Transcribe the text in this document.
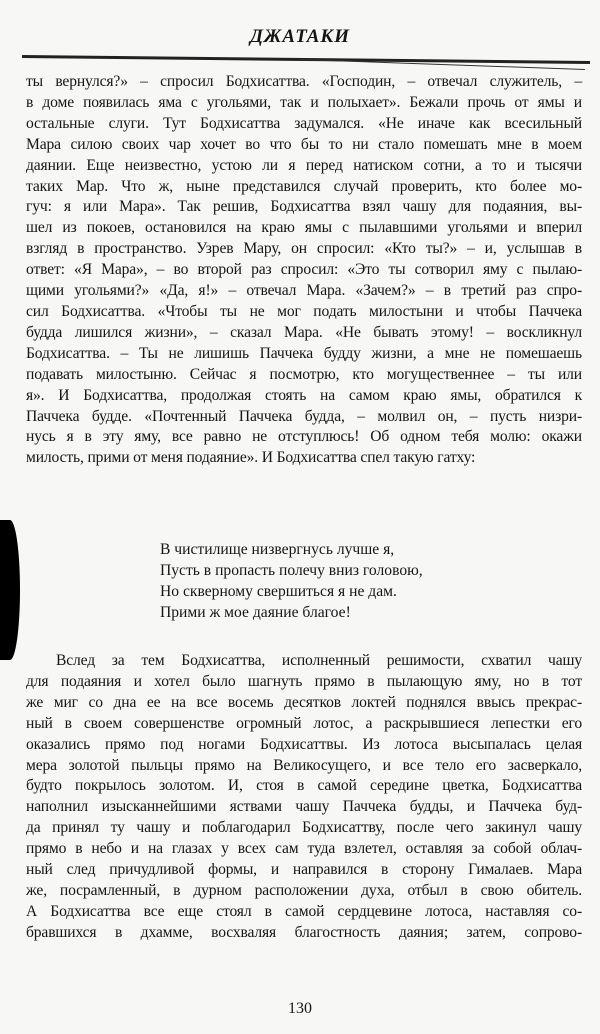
ДЖАТАКИ
ты вернулся?» – спросил Бодхисаттва. «Господин, – отвечал служитель, –
в доме появилась яма с угольями, так и полыхает». Бежали прочь от ямы и
остальные слуги. Тут Бодхисаттва задумался. «Не иначе как всесильный
Мара силою своих чар хочет во что бы то ни стало помешать мне в моем
даянии. Еще неизвестно, устою ли я перед натиском сотни, а то и тысячи
таких Мар. Что ж, ныне представился случай проверить, кто более мо-
гуч: я или Мара». Так решив, Бодхисаттва взял чашу для подаяния, вы-
шел из покоев, остановился на краю ямы с пылавшими угольями и вперил
взгляд в пространство. Узрев Мару, он спросил: «Кто ты?» – и, услышав в
ответ: «Я Мара», – во второй раз спросил: «Это ты сотворил яму с пылаю-
щими угольями?» «Да, я!» – отвечал Мара. «Зачем?» – в третий раз спро-
сил Бодхисаттва. «Чтобы ты не мог подать милостыни и чтобы Паччека
будда лишился жизни», – сказал Мара. «Не бывать этому! – воскликнул
Бодхисаттва. – Ты не лишишь Паччека будду жизни, а мне не помешаешь
подавать милостыню. Сейчас я посмотрю, кто могущественнее – ты или
я». И Бодхисаттва, продолжая стоять на самом краю ямы, обратился к
Паччека будде. «Почтенный Паччека будда, – молвил он, – пусть низри-
нусь я в эту яму, все равно не отступлюсь! Об одном тебя молю: окажи
милость, прими от меня подаяние». И Бодхисаттва спел такую гатху:
В чистилище низвергнусь лучше я,
Пусть в пропасть полечу вниз головою,
Но скверному свершиться я не дам.
Прими ж мое даяние благое!
Вслед за тем Бодхисаттва, исполненный решимости, схватил чашу
для подаяния и хотел было шагнуть прямо в пылающую яму, но в тот
же миг со дна ее на все восемь десятков локтей поднялся ввысь прекрас-
ный в своем совершенстве огромный лотос, а раскрывшиеся лепестки его
оказались прямо под ногами Бодхисаттвы. Из лотоса высыпалась целая
мера золотой пыльцы прямо на Великосущего, и все тело его засверкало,
будто покрылось золотом. И, стоя в самой середине цветка, Бодхисаттва
наполнил изысканнейшими яствами чашу Паччека будды, и Паччека буд-
да принял ту чашу и поблагодарил Бодхисаттву, после чего закинул чашу
прямо в небо и на глазах у всех сам туда взлетел, оставляя за собой облач-
ный след причудливой формы, и направился в сторону Гималаев. Мара
же, посрамленный, в дурном расположении духа, отбыл в свою обитель.
А Бодхисаттва все еще стоял в самой сердцевине лотоса, наставляя со-
бравшихся в дхамме, восхваляя благостность даяния; затем, сопрово-
130
